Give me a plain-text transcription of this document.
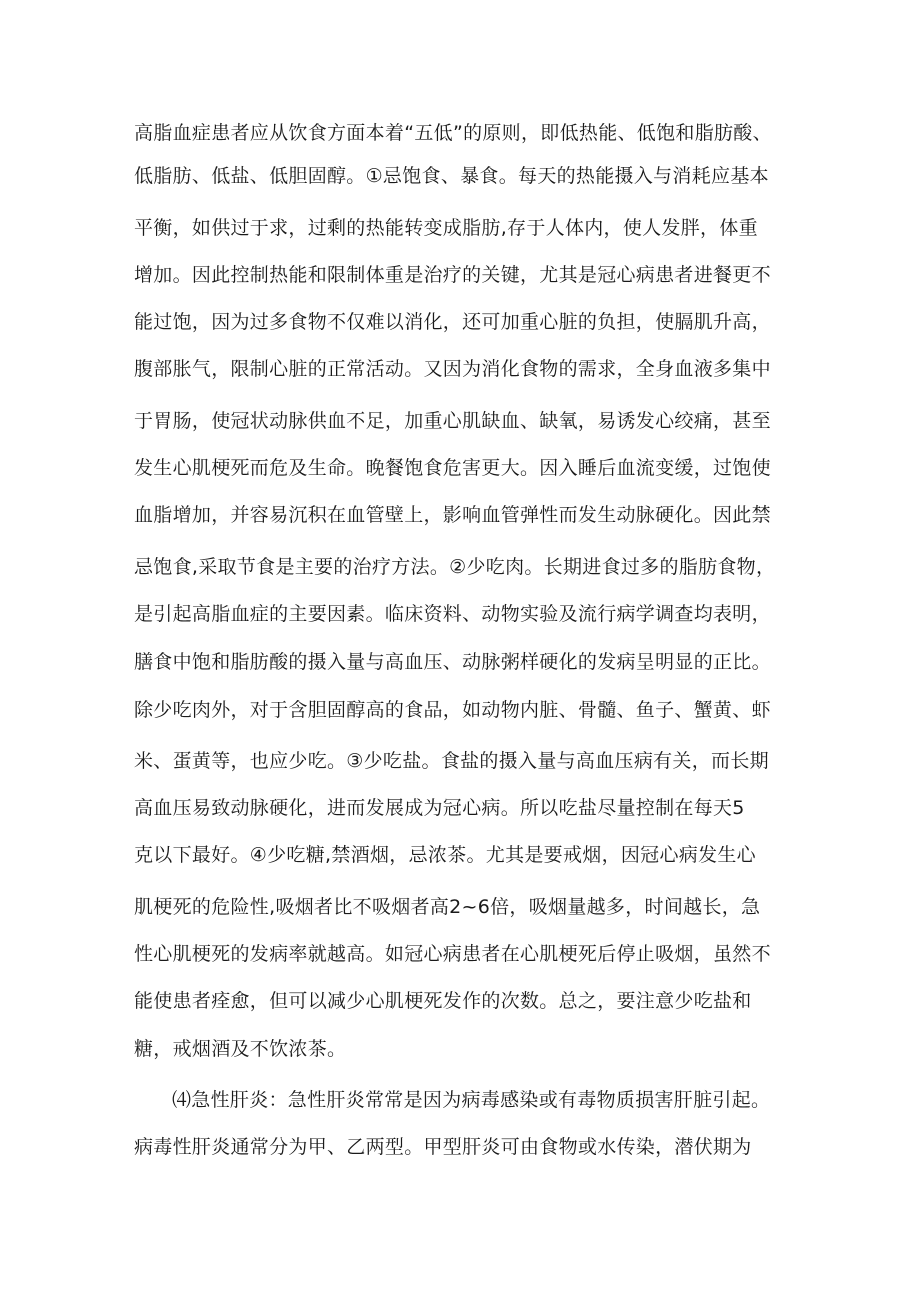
高脂血症患者应从饮食方面本着“五低”的原则，即低热能、低饱和脂肪酸、
低脂肪、低盐、低胆固醇。①忌饱食、暴食。每天的热能摄入与消耗应基本
平衡，如供过于求，过剩的热能转变成脂肪,存于人体内，使人发胖，体重
增加。因此控制热能和限制体重是治疗的关键，尤其是冠心病患者进餐更不
能过饱，因为过多食物不仅难以消化，还可加重心脏的负担，使膈肌升高，
腹部胀气，限制心脏的正常活动。又因为消化食物的需求，全身血液多集中
于胃肠，使冠状动脉供血不足，加重心肌缺血、缺氧，易诱发心绞痛，甚至
发生心肌梗死而危及生命。晚餐饱食危害更大。因入睡后血流变缓，过饱使
血脂增加，并容易沉积在血管壁上，影响血管弹性而发生动脉硬化。因此禁
忌饱食,采取节食是主要的治疗方法。②少吃肉。长期进食过多的脂肪食物，
是引起高脂血症的主要因素。临床资料、动物实验及流行病学调查均表明，
膳食中饱和脂肪酸的摄入量与高血压、动脉粥样硬化的发病呈明显的正比。
除少吃肉外，对于含胆固醇高的食品，如动物内脏、骨髓、鱼子、蟹黄、虾
米、蛋黄等，也应少吃。③少吃盐。食盐的摄入量与高血压病有关，而长期
高血压易致动脉硬化，进而发展成为冠心病。所以吃盐尽量控制在每天5
克以下最好。④少吃糖,禁酒烟，忌浓茶。尤其是要戒烟，因冠心病发生心
肌梗死的危险性,吸烟者比不吸烟者高2~6倍，吸烟量越多，时间越长，急
性心肌梗死的发病率就越高。如冠心病患者在心肌梗死后停止吸烟，虽然不
能使患者痊愈，但可以减少心肌梗死发作的次数。总之，要注意少吃盐和
糖，戒烟酒及不饮浓茶。
⑷急性肝炎：急性肝炎常常是因为病毒感染或有毒物质损害肝脏引起。
病毒性肝炎通常分为甲、乙两型。甲型肝炎可由食物或水传染，潜伏期为
